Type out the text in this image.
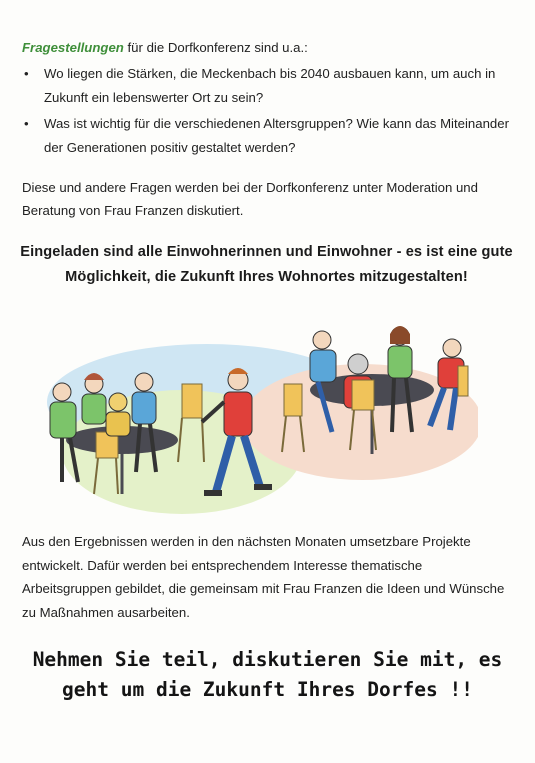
Fragestellungen für die Dorfkonferenz sind u.a.:
• Wo liegen die Stärken, die Meckenbach bis 2040 ausbauen kann, um auch in Zukunft ein lebenswerter Ort zu sein?
• Was ist wichtig für die verschiedenen Altersgruppen? Wie kann das Miteinander der Generationen positiv gestaltet werden?
Diese und andere Fragen werden bei der Dorfkonferenz unter Moderation und Beratung von Frau Franzen diskutiert.
Eingeladen sind alle Einwohnerinnen und Einwohner - es ist eine gute Möglichkeit, die Zukunft Ihres Wohnortes mitzugestalten!
Aus den Ergebnissen werden in den nächsten Monaten umsetzbare Projekte entwickelt. Dafür werden bei entsprechendem Interesse thematische Arbeitsgruppen gebildet, die gemeinsam mit Frau Franzen die Ideen und Wünsche zu Maßnahmen ausarbeiten.
Nehmen Sie teil, diskutieren Sie mit, es geht um die Zukunft Ihres Dorfes !!
